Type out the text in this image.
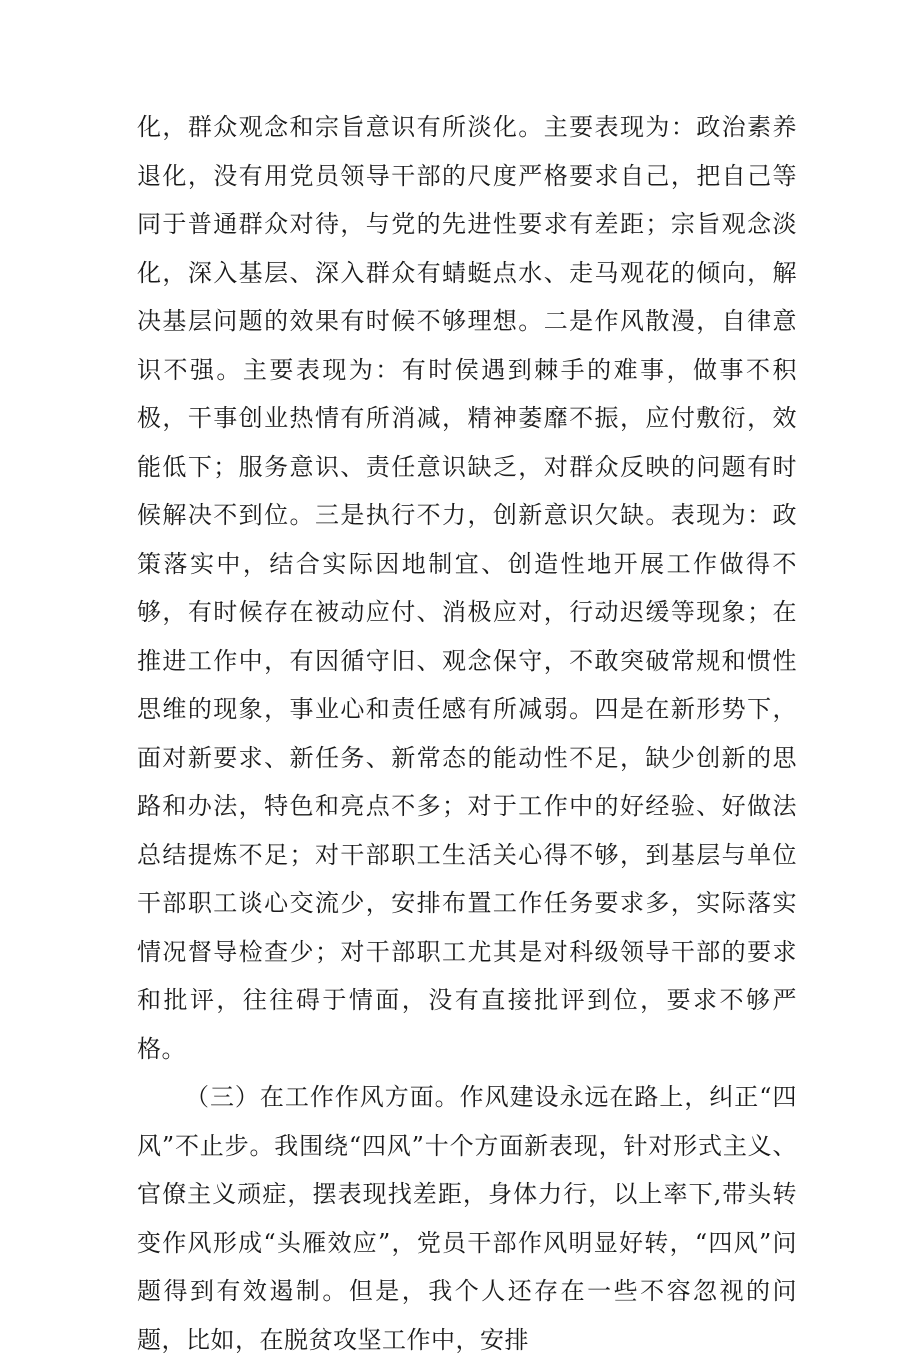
化，群众观念和宗旨意识有所淡化。主要表现为：政治素养退化，没有用党员领导干部的尺度严格要求自己，把自己等同于普通群众对待，与党的先进性要求有差距；宗旨观念淡化，深入基层、深入群众有蜻蜓点水、走马观花的倾向，解决基层问题的效果有时候不够理想。二是作风散漫，自律意识不强。主要表现为：有时侯遇到棘手的难事，做事不积极，干事创业热情有所消减，精神萎靡不振，应付敷衍，效能低下；服务意识、责任意识缺乏，对群众反映的问题有时候解决不到位。三是执行不力，创新意识欠缺。表现为：政策落实中，结合实际因地制宜、创造性地开展工作做得不够，有时候存在被动应付、消极应对，行动迟缓等现象；在推进工作中，有因循守旧、观念保守，不敢突破常规和惯性思维的现象，事业心和责任感有所减弱。四是在新形势下，面对新要求、新任务、新常态的能动性不足，缺少创新的思路和办法，特色和亮点不多；对于工作中的好经验、好做法总结提炼不足；对干部职工生活关心得不够，到基层与单位干部职工谈心交流少，安排布置工作任务要求多，实际落实情况督导检查少；对干部职工尤其是对科级领导干部的要求和批评，往往碍于情面，没有直接批评到位，要求不够严格。

（三）在工作作风方面。作风建设永远在路上，纠正“四风”不止步。我围绕“四风”十个方面新表现，针对形式主义、官僚主义顽症，摆表现找差距，身体力行，以上率下,带头转变作风形成“头雁效应”，党员干部作风明显好转，“四风”问题得到有效遏制。但是，我个人还存在一些不容忽视的问题，比如，在脱贫攻坚工作中，安排
